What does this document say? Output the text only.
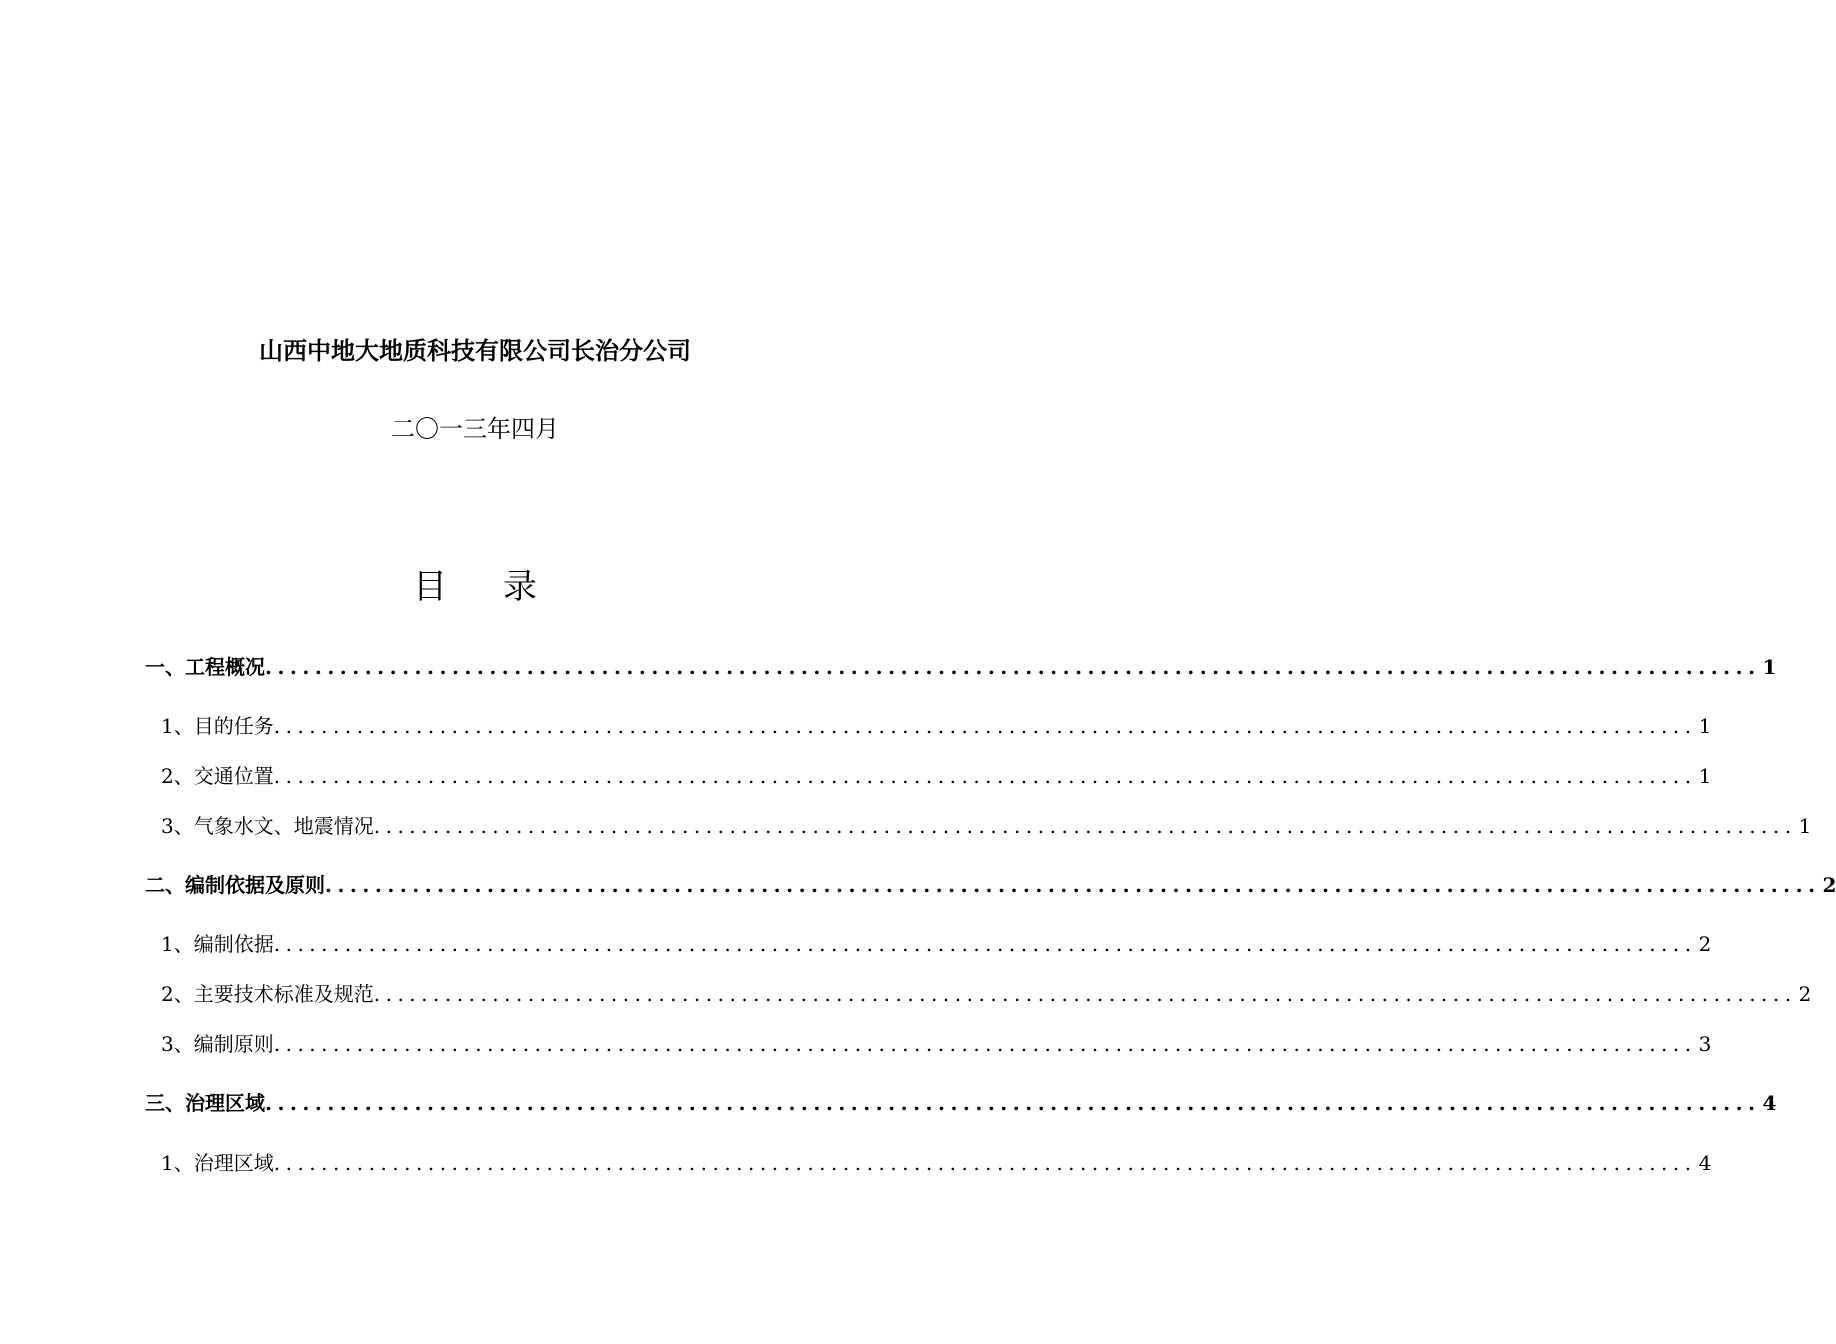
山西中地大地质科技有限公司长治分公司
二〇一三年四月
目录
一、工程概况 ........................................................................................................................ 1
1、目的任务 ........................................................................................................................ 1
2、交通位置 ........................................................................................................................ 1
3、气象水文、地震情况 ........................................................................................................................ 1
二、编制依据及原则 ........................................................................................................................ 2
1、编制依据 ........................................................................................................................ 2
2、主要技术标准及规范 ........................................................................................................................ 2
3、编制原则 ........................................................................................................................ 3
三、治理区域 ........................................................................................................................ 4
1、治理区域 ........................................................................................................................ 4
